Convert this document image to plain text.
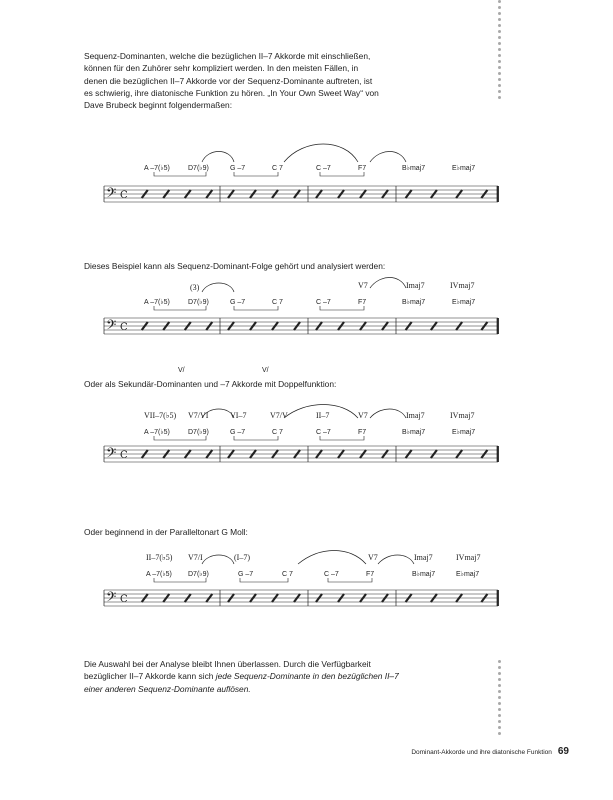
Sequenz-Dominanten, welche die bezüglichen II–7 Akkorde mit einschließen,
können für den Zuhörer sehr kompliziert werden. In den meisten Fällen, in
denen die bezüglichen II–7 Akkorde vor der Sequenz-Dominante auftreten, ist
es schwierig, ihre diatonische Funktion zu hören. „In Your Own Sweet Way“ von
Dave Brubeck beginnt folgendermaßen:
A –7(♭5)	D7(♭9)	G –7	C 7	C –7	F7	B♭maj7	E♭maj7
𝄢 C
Dieses Beispiel kann als Sequenz-Dominant-Folge gehört und analysiert werden:
(3)	V7	Imaj7	IVmaj7
A –7(♭5)	D7(♭9)	G –7	C 7	C –7	F7	B♭maj7	E♭maj7
𝄢 C
V/	V/
Oder als Sekundär-Dominanten und –7 Akkorde mit Doppelfunktion:
VII–7(♭5) V7/VI	VI–7	V7/V	II–7	V7	Imaj7	IVmaj7
A –7(♭5)	D7(♭9)	G –7	C 7	C –7	F7	B♭maj7	E♭maj7
𝄢 C
Oder beginnend in der Paralleltonart G Moll:
II–7(♭5) V7/I	(I–7)	V7	Imaj7	IVmaj7
A –7(♭5) D7(♭9)	G –7	C 7	C –7	F7	B♭maj7	E♭maj7
𝄢 C
Die Auswahl bei der Analyse bleibt Ihnen überlassen. Durch die Verfügbarkeit
bezüglicher II–7 Akkorde kann sich jede Sequenz-Dominante in den bezüglichen II–7
einer anderen Sequenz-Dominante auflösen.
Dominant-Akkorde und ihre diatonische Funktion 69
